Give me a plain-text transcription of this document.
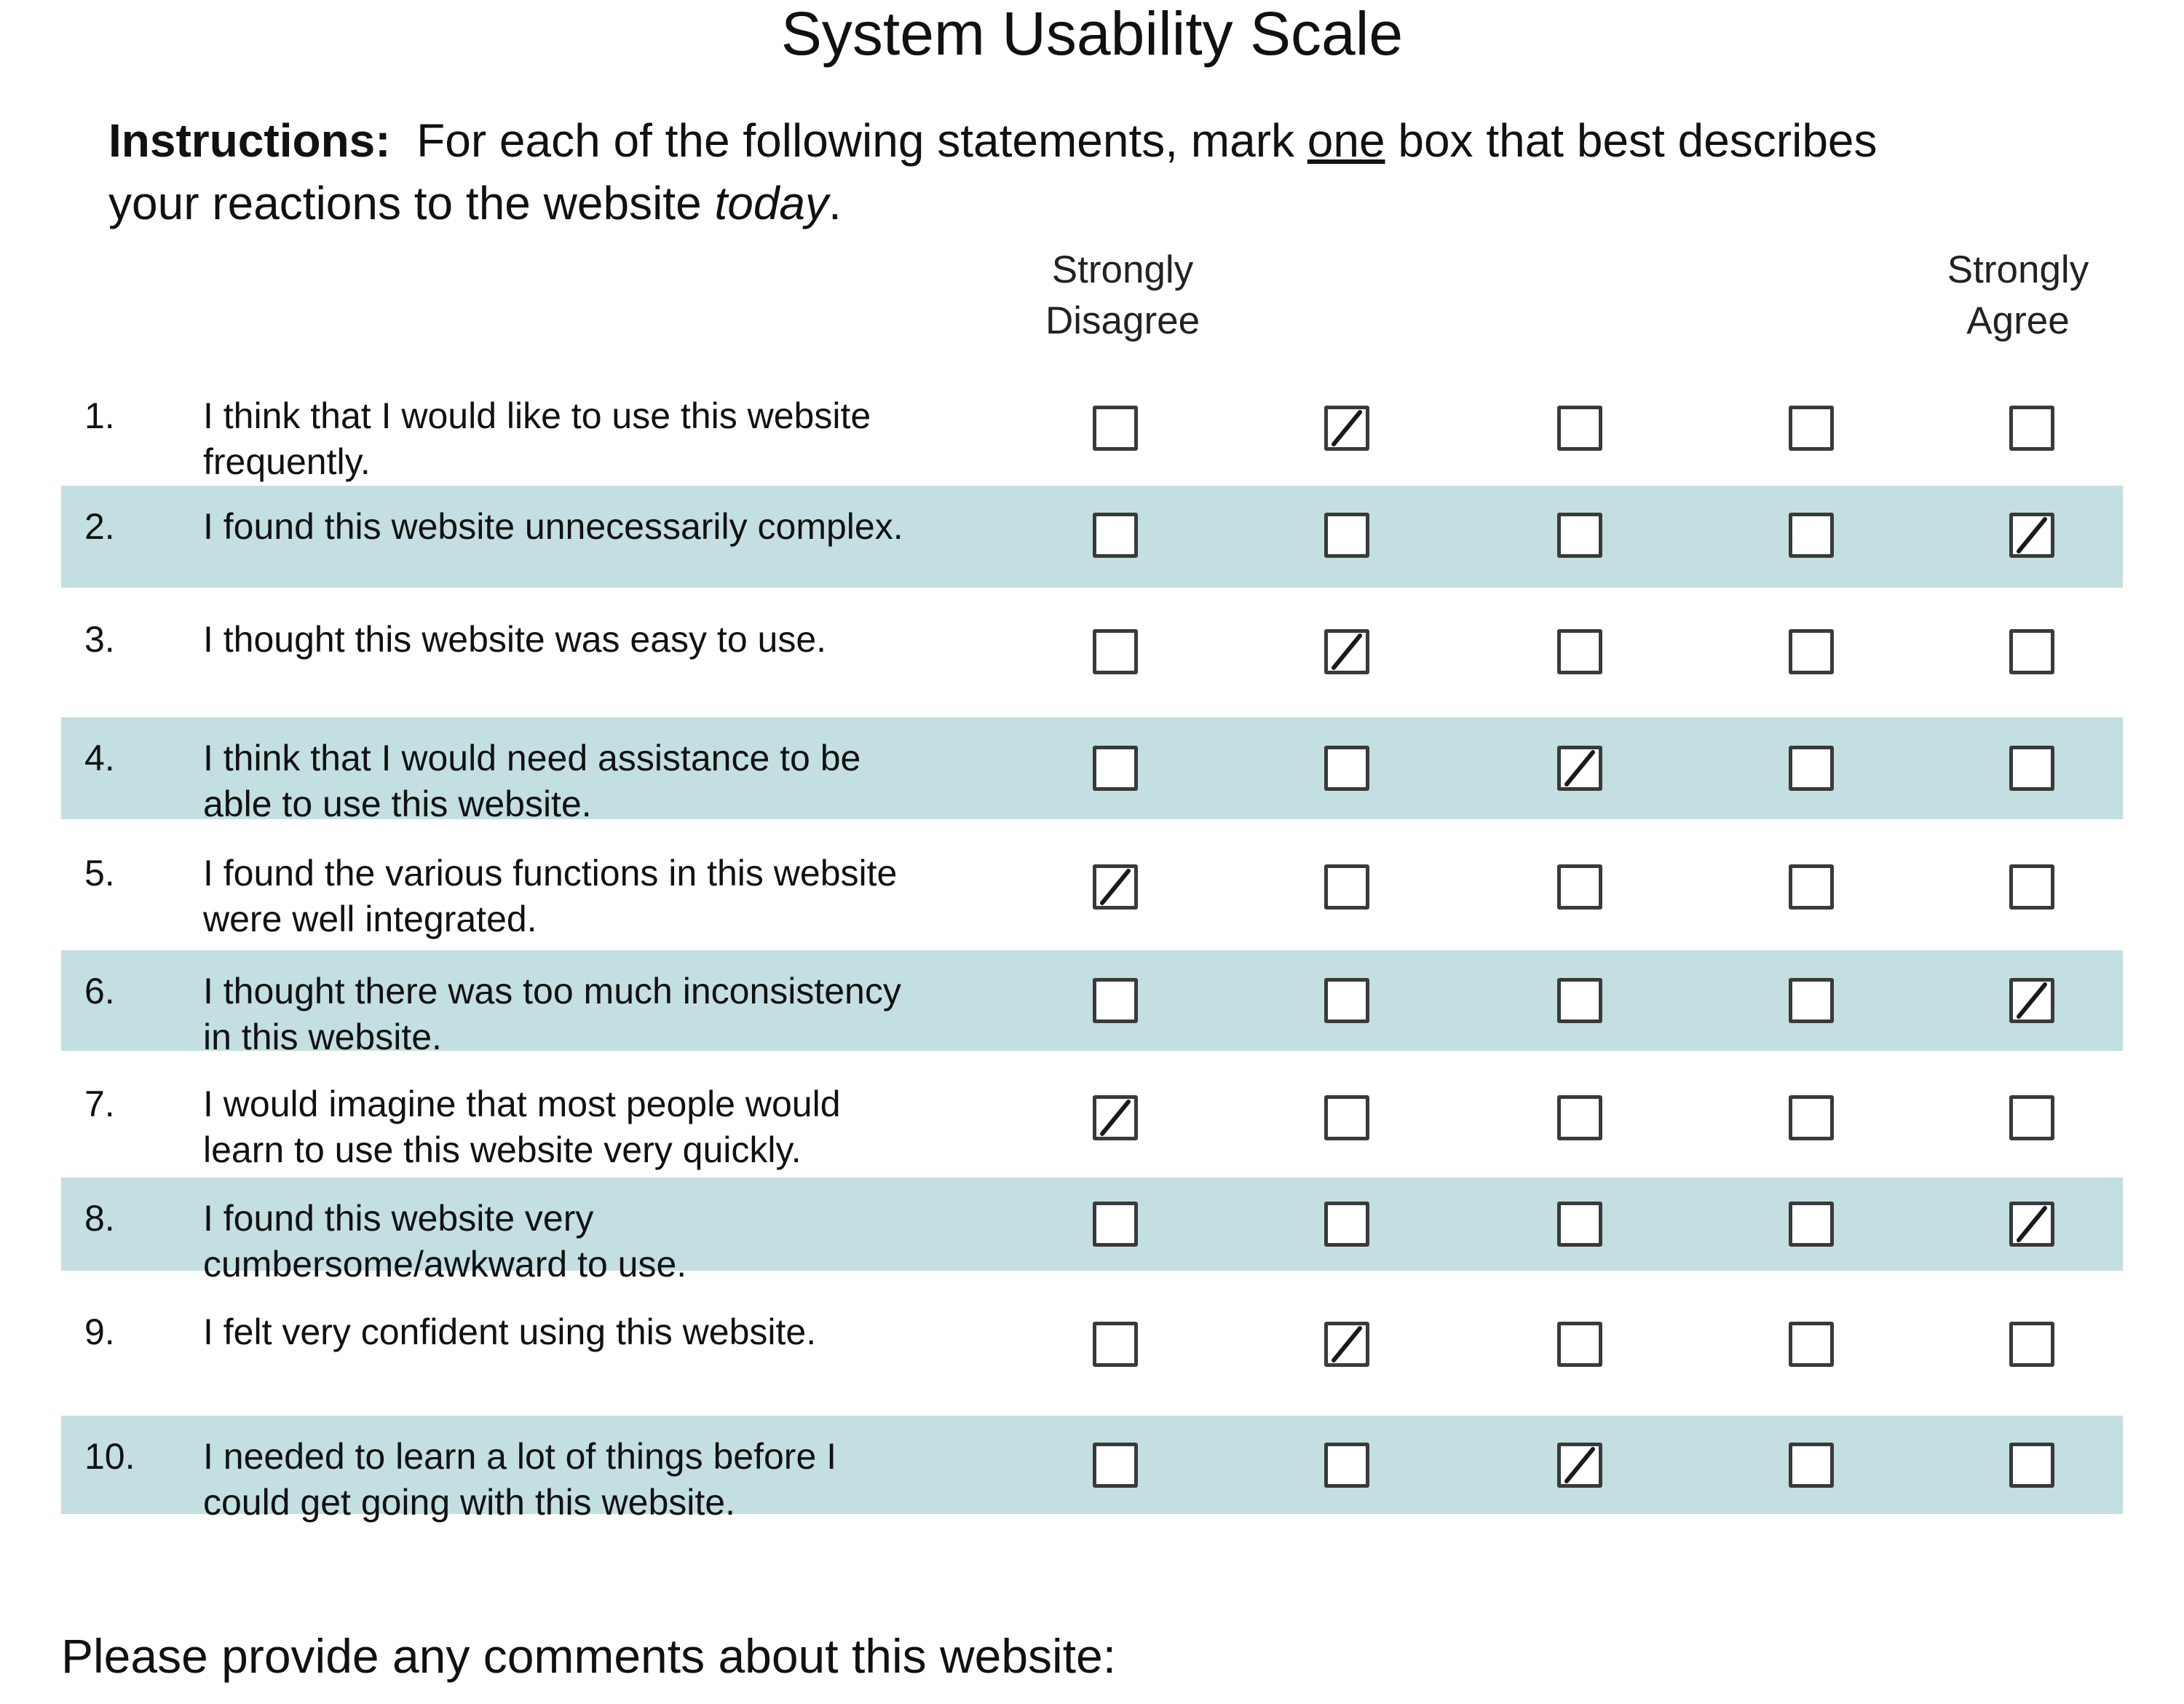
System Usability Scale
Instructions: For each of the following statements, mark one box that best describes
your reactions to the website today.
Strongly
Disagree
Strongly
Agree
1. I think that I would like to use this website
frequently.
2. I found this website unnecessarily complex.
3. I thought this website was easy to use.
4. I think that I would need assistance to be
able to use this website.
5. I found the various functions in this website
were well integrated.
6. I thought there was too much inconsistency
in this website.
7. I would imagine that most people would
learn to use this website very quickly.
8. I found this website very
cumbersome/awkward to use.
9. I felt very confident using this website.
10. I needed to learn a lot of things before I
could get going with this website.
Please provide any comments about this website:
